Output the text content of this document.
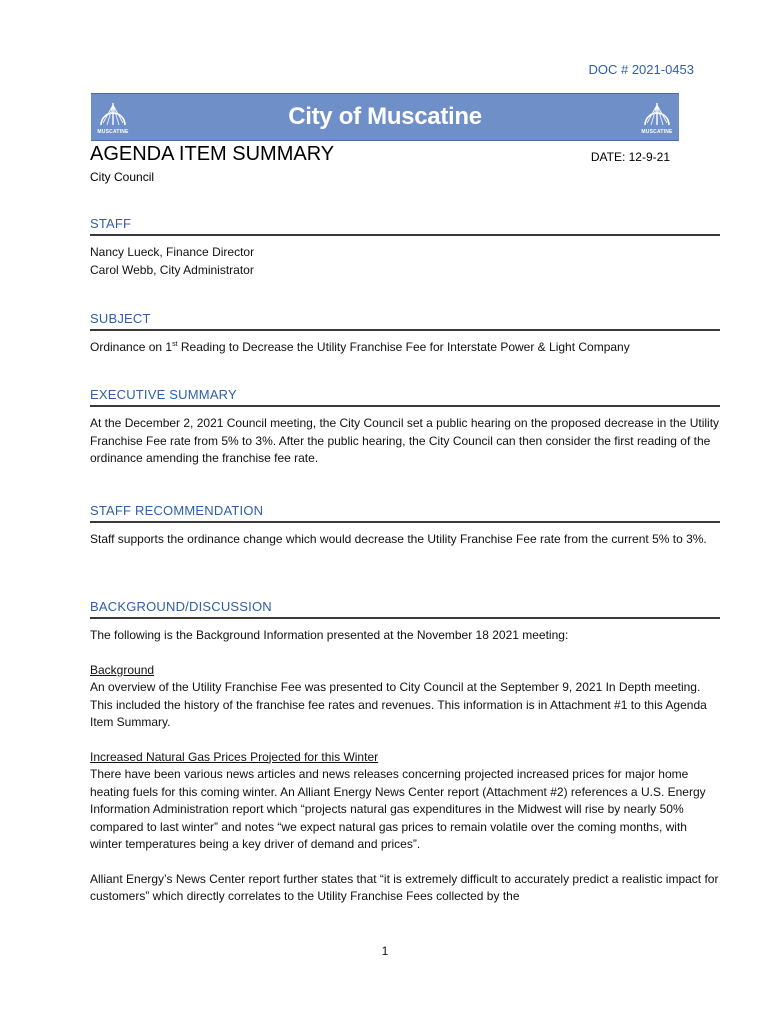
DOC # 2021-0453
MUSCATINE
City of Muscatine
MUSCATINE
AGENDA ITEM SUMMARY	DATE: 12-9-21
City Council
STAFF

Nancy Lueck, Finance Director

Carol Webb, City Administrator

SUBJECT
Ordinance on 1st Reading to Decrease the Utility Franchise Fee for Interstate Power & Light Company
EXECUTIVE SUMMARY
At the December 2, 2021 Council meeting, the City Council set a public hearing on the proposed decrease in the Utility Franchise Fee rate from 5% to 3%. After the public hearing, the City Council can then consider the first reading of the ordinance amending the franchise fee rate.
STAFF RECOMMENDATION
Staff supports the ordinance change which would decrease the Utility Franchise Fee rate from the current 5% to 3%.
BACKGROUND/DISCUSSION

The following is the Background Information presented at the November 18 2021 meeting:

Background

An overview of the Utility Franchise Fee was presented to City Council at the September 9, 2021 In Depth meeting. This included the history of the franchise fee rates and revenues. This information is in Attachment #1 to this Agenda Item Summary.

Increased Natural Gas Prices Projected for this Winter

There have been various news articles and news releases concerning projected increased prices for major home heating fuels for this coming winter. An Alliant Energy News Center report (Attachment #2) references a U.S. Energy Information Administration report which “projects natural gas expenditures in the Midwest will rise by nearly 50% compared to last winter” and notes “we expect natural gas prices to remain volatile over the coming months, with winter temperatures being a key driver of demand and prices”.

Alliant Energy’s News Center report further states that “it is extremely difficult to accurately predict a realistic impact for customers” which directly correlates to the Utility Franchise Fees collected by the

1
